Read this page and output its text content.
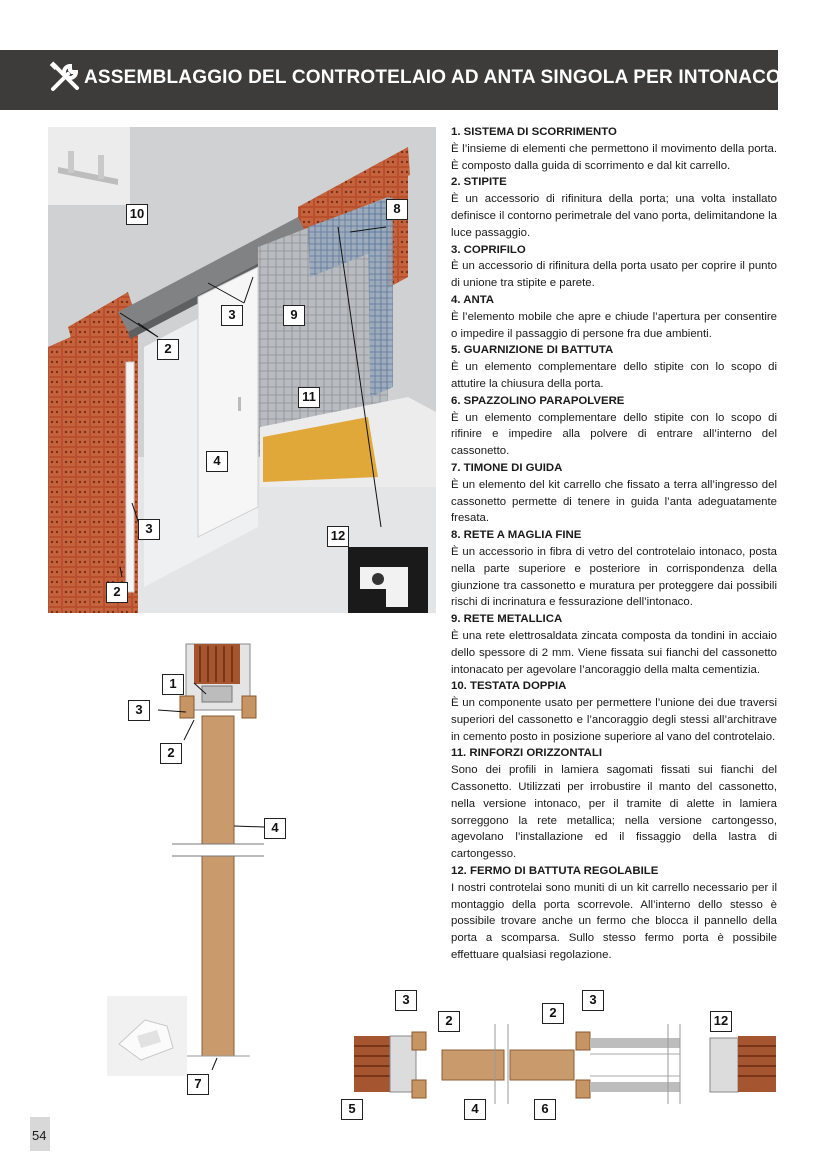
ASSEMBLAGGIO DEL CONTROTELAIO AD ANTA SINGOLA PER INTONACO
10	8
3	9
2
11
4
3
2
12
1
3
2
4
7
1. SISTEMA DI SCORRIMENTO

È l’insieme di elementi che permettono il movimento della porta. È composto dalla guida di scorrimento e dal kit carrello.

2. STIPITE

È un accessorio di rifinitura della porta; una volta installato definisce il contorno perimetrale del vano porta, delimitandone la luce passaggio.

3. COPRIFILO

È un accessorio di rifinitura della porta usato per coprire il punto di unione tra stipite e parete.

4. ANTA

È l’elemento mobile che apre e chiude l’apertura per consentire o impedire il passaggio di persone fra due ambienti.

5. GUARNIZIONE DI BATTUTA

È un elemento complementare dello stipite con lo scopo di attutire la chiusura della porta.

6. SPAZZOLINO PARAPOLVERE

È un elemento complementare dello stipite con lo scopo di rifinire e impedire alla polvere di entrare all’interno del cassonetto.

7. TIMONE DI GUIDA

È un elemento del kit carrello che fissato a terra all’ingresso del cassonetto permette di tenere in guida l’anta adeguatamente fresata.

8. RETE A MAGLIA FINE

È un accessorio in fibra di vetro del controtelaio intonaco, posta nella parte superiore e posteriore in corrispondenza della giunzione tra cassonetto e muratura per proteggere dai possibili rischi di incrinatura e fessurazione dell’intonaco.

9. RETE METALLICA

È una rete elettrosaldata zincata composta da tondini in acciaio dello spessore di 2 mm. Viene fissata sui fianchi del cassonetto intonacato per agevolare l’ancoraggio della malta cementizia.

10. TESTATA DOPPIA

È un componente usato per permettere l’unione dei due traversi superiori del cassonetto e l’ancoraggio degli stessi all’architrave in cemento posto in posizione superiore al vano del controtelaio.

11. RINFORZI ORIZZONTALI

Sono dei profili in lamiera sagomati fissati sui fianchi del Cassonetto. Utilizzati per irrobustire il manto del cassonetto, nella versione intonaco, per il tramite di alette in lamiera sorreggono la rete metallica; nella versione cartongesso, agevolano l’installazione ed il fissaggio della lastra di cartongesso.

12. FERMO DI BATTUTA REGOLABILE

I nostri controtelai sono muniti di un kit carrello necessario per il montaggio della porta scorrevole. All’interno dello stesso è possibile trovare anche un fermo che blocca il pannello della porta a scomparsa. Sullo stesso fermo porta è possibile effettuare qualsiasi regolazione.

3
2
2
3
12
5	4	6
54
